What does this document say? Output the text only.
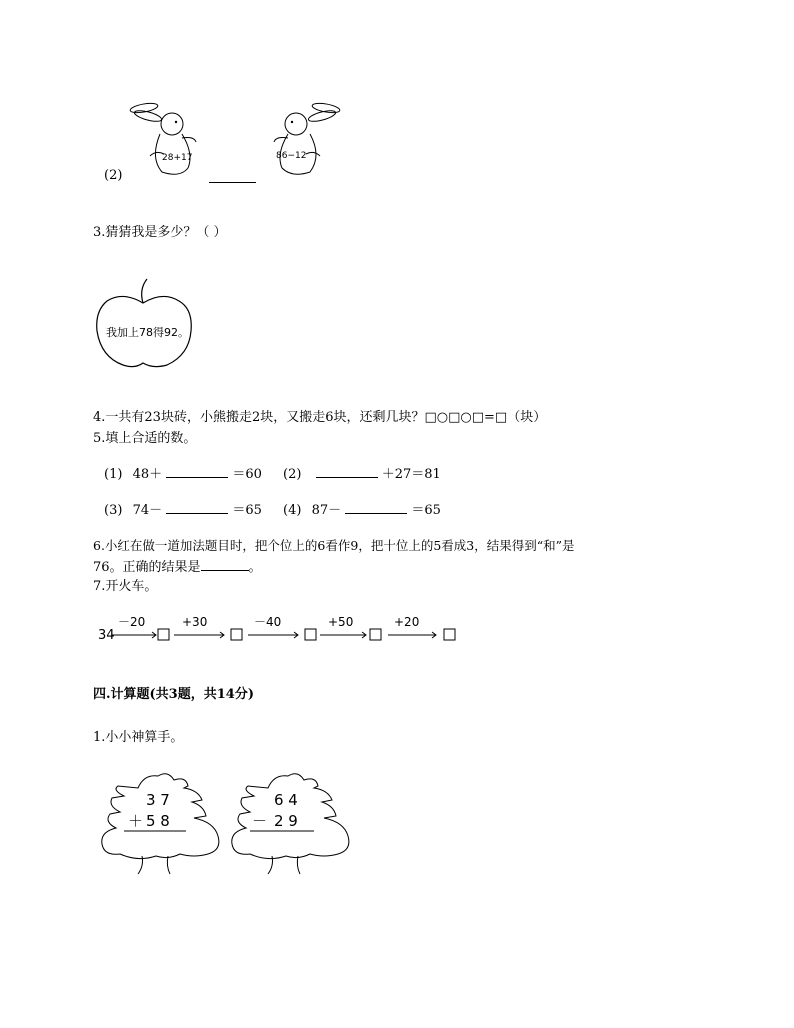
28+17
(2)
86−12
3.猜猜我是多少？（ ）
我加上78得92。
4.一共有23块砖，小熊搬走2块，又搬走6块，还剩几块？□○□○□=□（块）
5.填上合适的数。
(1) 48＋	＝60 (2)	＋27＝81
(3) 74－	＝65 (4) 87－	＝65
6.小红在做一道加法题目时，把个位上的6看作9，把十位上的5看成3，结果得到“和”是
76。正确的结果是	。
7.开火车。
34
－20	+30	－40	+50	+20
四.计算题(共3题，共14分)
1.小小神算手。
3 7
＋ 5 8
6 4
－ 2 9
